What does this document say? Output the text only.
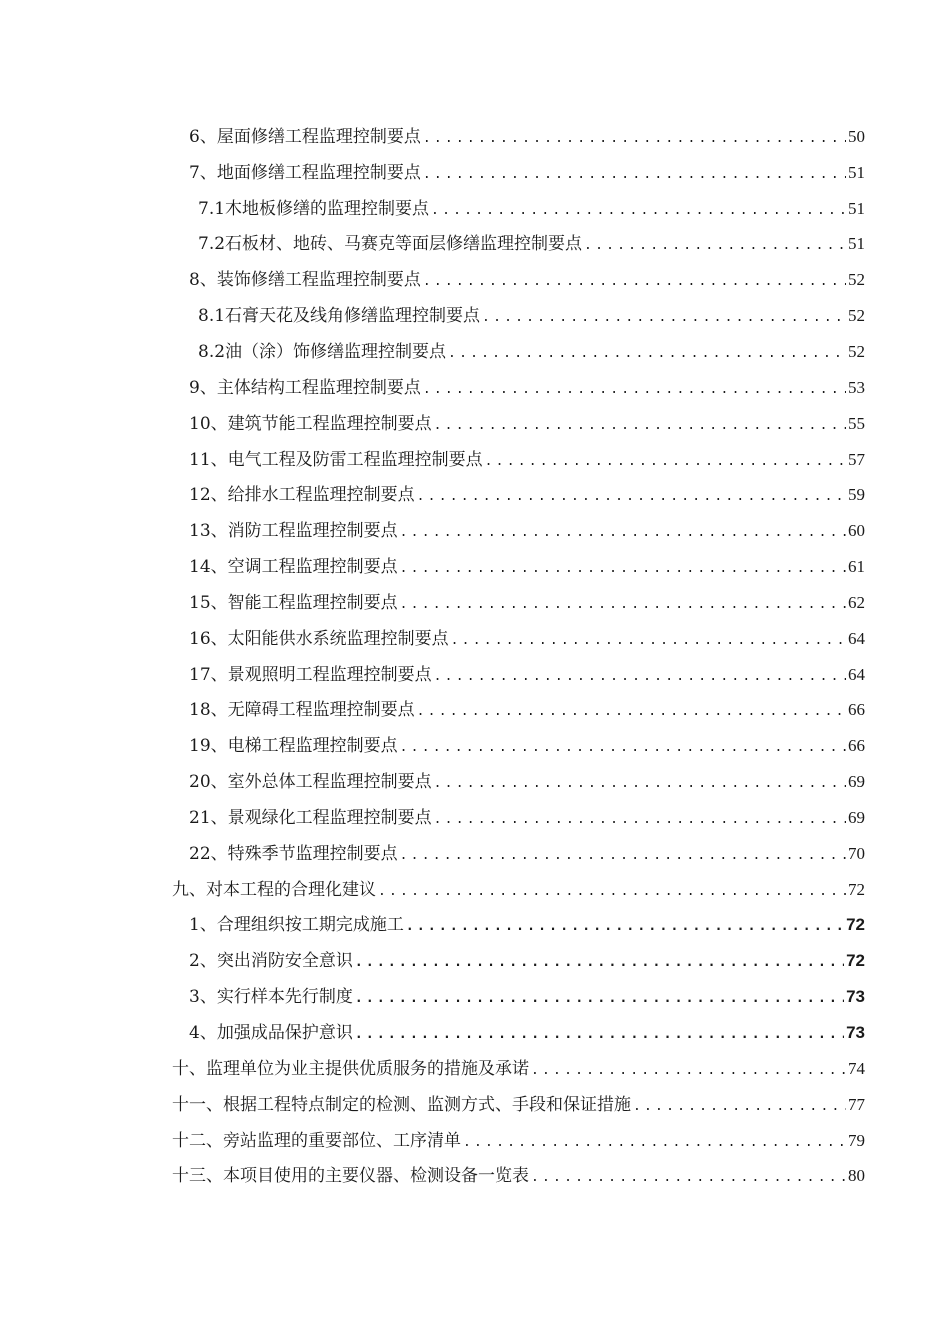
6、屋面修缮工程监理控制要点 .....	50
7、地面修缮工程监理控制要点 .....	51
7.1木地板修缮的监理控制要点 .....	51
7.2石板材、地砖、马赛克等面层修缮监理控制要点 .....	51
8、装饰修缮工程监理控制要点 .....	52
8.1石膏天花及线角修缮监理控制要点 .....	52
8.2油（涂）饰修缮监理控制要点 .....	52
9、主体结构工程监理控制要点 .....	53
10、建筑节能工程监理控制要点 .....	55
11、电气工程及防雷工程监理控制要点 .....	57
12、给排水工程监理控制要点 .....	59
13、消防工程监理控制要点 .....	60
14、空调工程监理控制要点 .....	61
15、智能工程监理控制要点 .....	62
16、太阳能供水系统监理控制要点 .....	64
17、景观照明工程监理控制要点 .....	64
18、无障碍工程监理控制要点 .....	66
19、电梯工程监理控制要点 .....	66
20、室外总体工程监理控制要点 .....	69
21、景观绿化工程监理控制要点 .....	69
22、特殊季节监理控制要点 .....	70
九、对本工程的合理化建议 .....	72
1、合理组织按工期完成施工 .....	72
2、突出消防安全意识 .....	72
3、实行样本先行制度 .....	73
4、加强成品保护意识 .....	73
十、监理单位为业主提供优质服务的措施及承诺 .....	74
十一、根据工程特点制定的检测、监测方式、手段和保证措施 .....	77
十二、旁站监理的重要部位、工序清单 .....	79
十三、本项目使用的主要仪器、检测设备一览表 .....	80
